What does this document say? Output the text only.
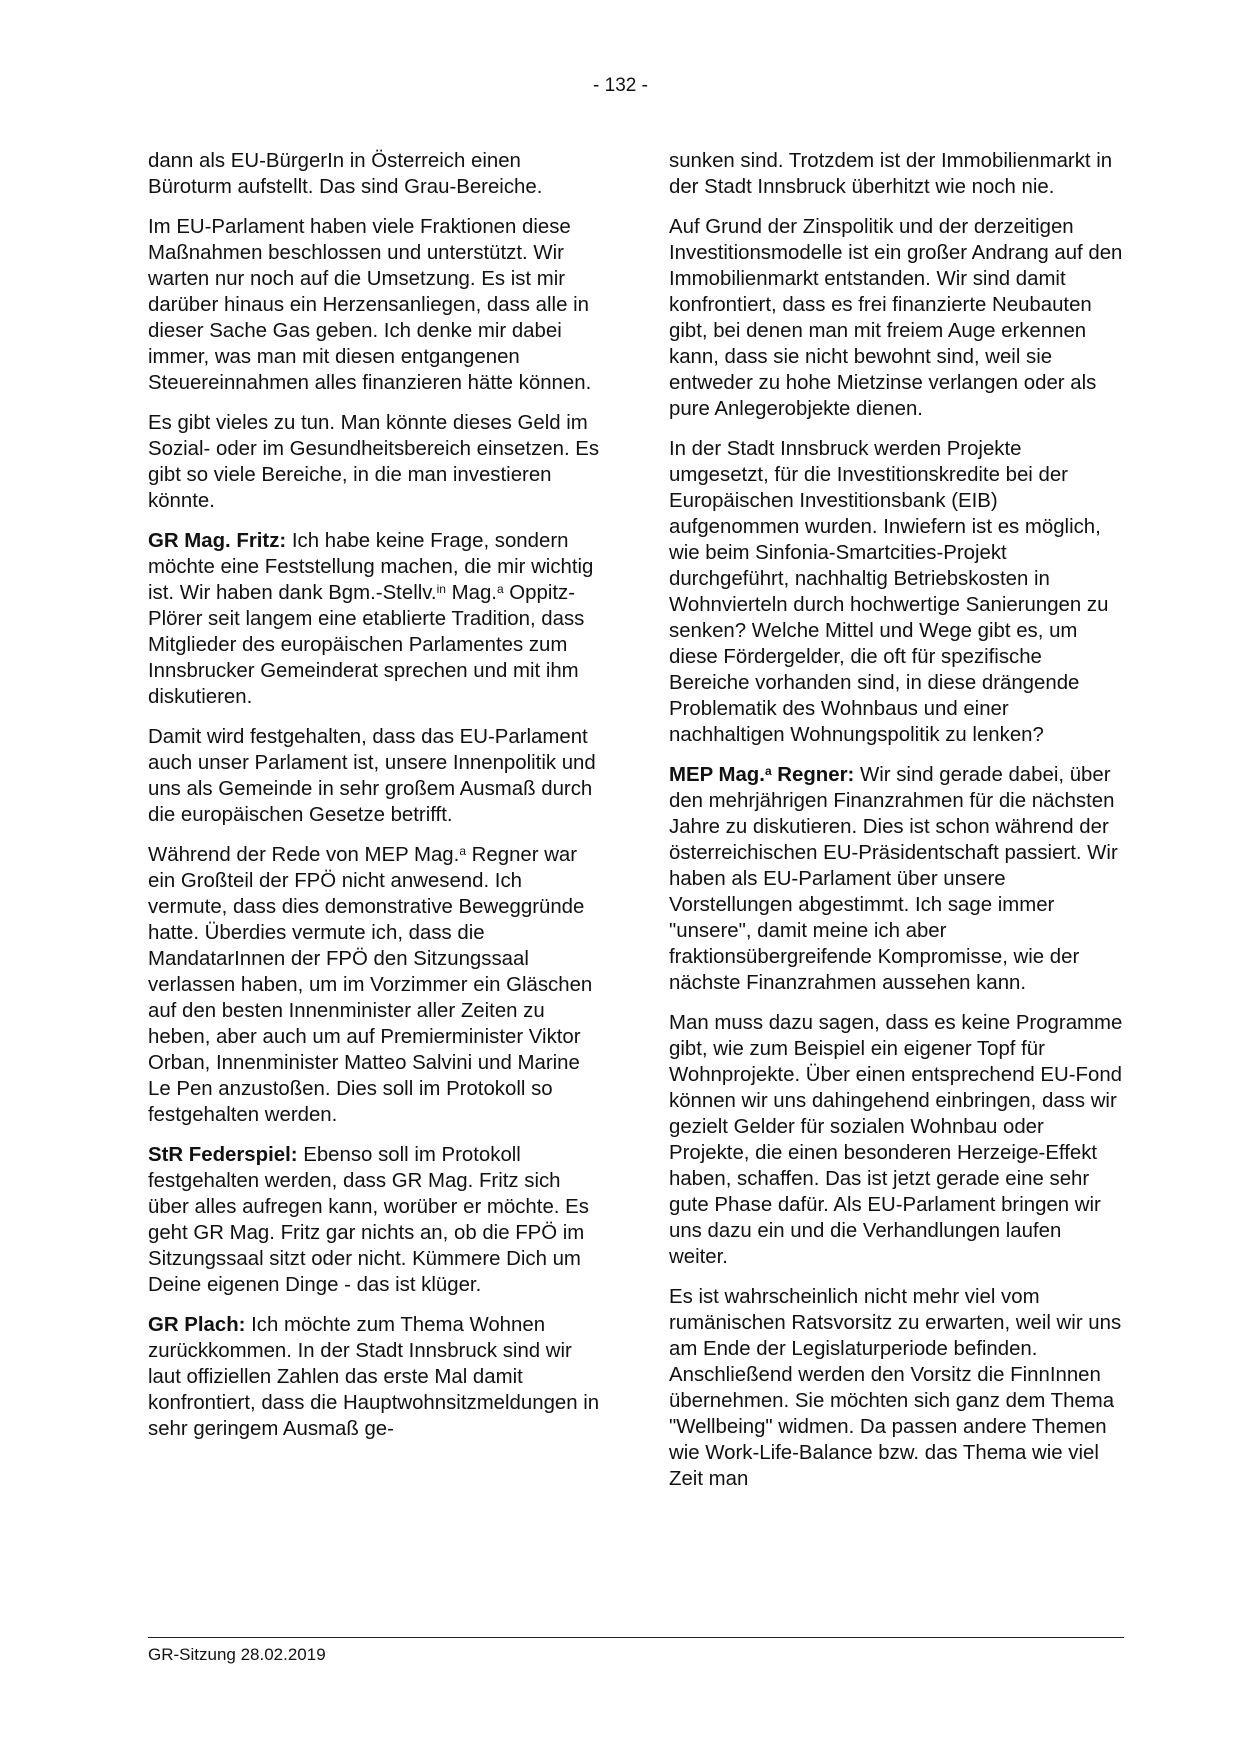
- 132 -

dann als EU-BürgerIn in Österreich einen Büroturm aufstellt. Das sind Grau-Bereiche.

Im EU-Parlament haben viele Fraktionen diese Maßnahmen beschlossen und unterstützt. Wir warten nur noch auf die Umsetzung. Es ist mir darüber hinaus ein Herzensanliegen, dass alle in dieser Sache Gas geben. Ich denke mir dabei immer, was man mit diesen entgangenen Steuereinnahmen alles finanzieren hätte können.

Es gibt vieles zu tun. Man könnte dieses Geld im Sozial- oder im Gesundheitsbereich einsetzen. Es gibt so viele Bereiche, in die man investieren könnte.

GR Mag. Fritz: Ich habe keine Frage, sondern möchte eine Feststellung machen, die mir wichtig ist. Wir haben dank Bgm.-Stellv.$^{in}$ Mag.$^a$ Oppitz-Plörer seit langem eine etablierte Tradition, dass Mitglieder des europäischen Parlamentes zum Innsbrucker Gemeinderat sprechen und mit ihm diskutieren.

Damit wird festgehalten, dass das EU-Parlament auch unser Parlament ist, unsere Innenpolitik und uns als Gemeinde in sehr großem Ausmaß durch die europäischen Gesetze betrifft.

Während der Rede von MEP Mag.$^a$ Regner war ein Großteil der FPÖ nicht anwesend. Ich vermute, dass dies demonstrative Beweggründe hatte. Überdies vermute ich, dass die MandatarInnen der FPÖ den Sitzungssaal verlassen haben, um im Vorzimmer ein Gläschen auf den besten Innenminister aller Zeiten zu heben, aber auch um auf Premierminister Viktor Orban, Innenminister Matteo Salvini und Marine Le Pen anzustoßen. Dies soll im Protokoll so festgehalten werden.

StR Federspiel: Ebenso soll im Protokoll festgehalten werden, dass GR Mag. Fritz sich über alles aufregen kann, worüber er möchte. Es geht GR Mag. Fritz gar nichts an, ob die FPÖ im Sitzungssaal sitzt oder nicht. Kümmere Dich um Deine eigenen Dinge - das ist klüger.

GR Plach: Ich möchte zum Thema Wohnen zurückkommen. In der Stadt Innsbruck sind wir laut offiziellen Zahlen das erste Mal damit konfrontiert, dass die Hauptwohnsitzmeldungen in sehr geringem Ausmaß ge-

sunken sind. Trotzdem ist der Immobilienmarkt in der Stadt Innsbruck überhitzt wie noch nie.

Auf Grund der Zinspolitik und der derzeitigen Investitionsmodelle ist ein großer Andrang auf den Immobilienmarkt entstanden. Wir sind damit konfrontiert, dass es frei finanzierte Neubauten gibt, bei denen man mit freiem Auge erkennen kann, dass sie nicht bewohnt sind, weil sie entweder zu hohe Mietzinse verlangen oder als pure Anlegerobjekte dienen.

In der Stadt Innsbruck werden Projekte umgesetzt, für die Investitionskredite bei der Europäischen Investitionsbank (EIB) aufgenommen wurden. Inwiefern ist es möglich, wie beim Sinfonia-Smartcities-Projekt durchgeführt, nachhaltig Betriebskosten in Wohnvierteln durch hochwertige Sanierungen zu senken? Welche Mittel und Wege gibt es, um diese Fördergelder, die oft für spezifische Bereiche vorhanden sind, in diese drängende Problematik des Wohnbaus und einer nachhaltigen Wohnungspolitik zu lenken?

MEP Mag.$^a$ Regner: Wir sind gerade dabei, über den mehrjährigen Finanzrahmen für die nächsten Jahre zu diskutieren. Dies ist schon während der österreichischen EU-Präsidentschaft passiert. Wir haben als EU-Parlament über unsere Vorstellungen abgestimmt. Ich sage immer "unsere", damit meine ich aber fraktionsübergreifende Kompromisse, wie der nächste Finanzrahmen aussehen kann.

Man muss dazu sagen, dass es keine Programme gibt, wie zum Beispiel ein eigener Topf für Wohnprojekte. Über einen entsprechend EU-Fond können wir uns dahingehend einbringen, dass wir gezielt Gelder für sozialen Wohnbau oder Projekte, die einen besonderen Herzeige-Effekt haben, schaffen. Das ist jetzt gerade eine sehr gute Phase dafür. Als EU-Parlament bringen wir uns dazu ein und die Verhandlungen laufen weiter.

Es ist wahrscheinlich nicht mehr viel vom rumänischen Ratsvorsitz zu erwarten, weil wir uns am Ende der Legislaturperiode befinden. Anschließend werden den Vorsitz die FinnInnen übernehmen. Sie möchten sich ganz dem Thema "Wellbeing" widmen. Da passen andere Themen wie Work-Life-Balance bzw. das Thema wie viel Zeit man

GR-Sitzung 28.02.2019
